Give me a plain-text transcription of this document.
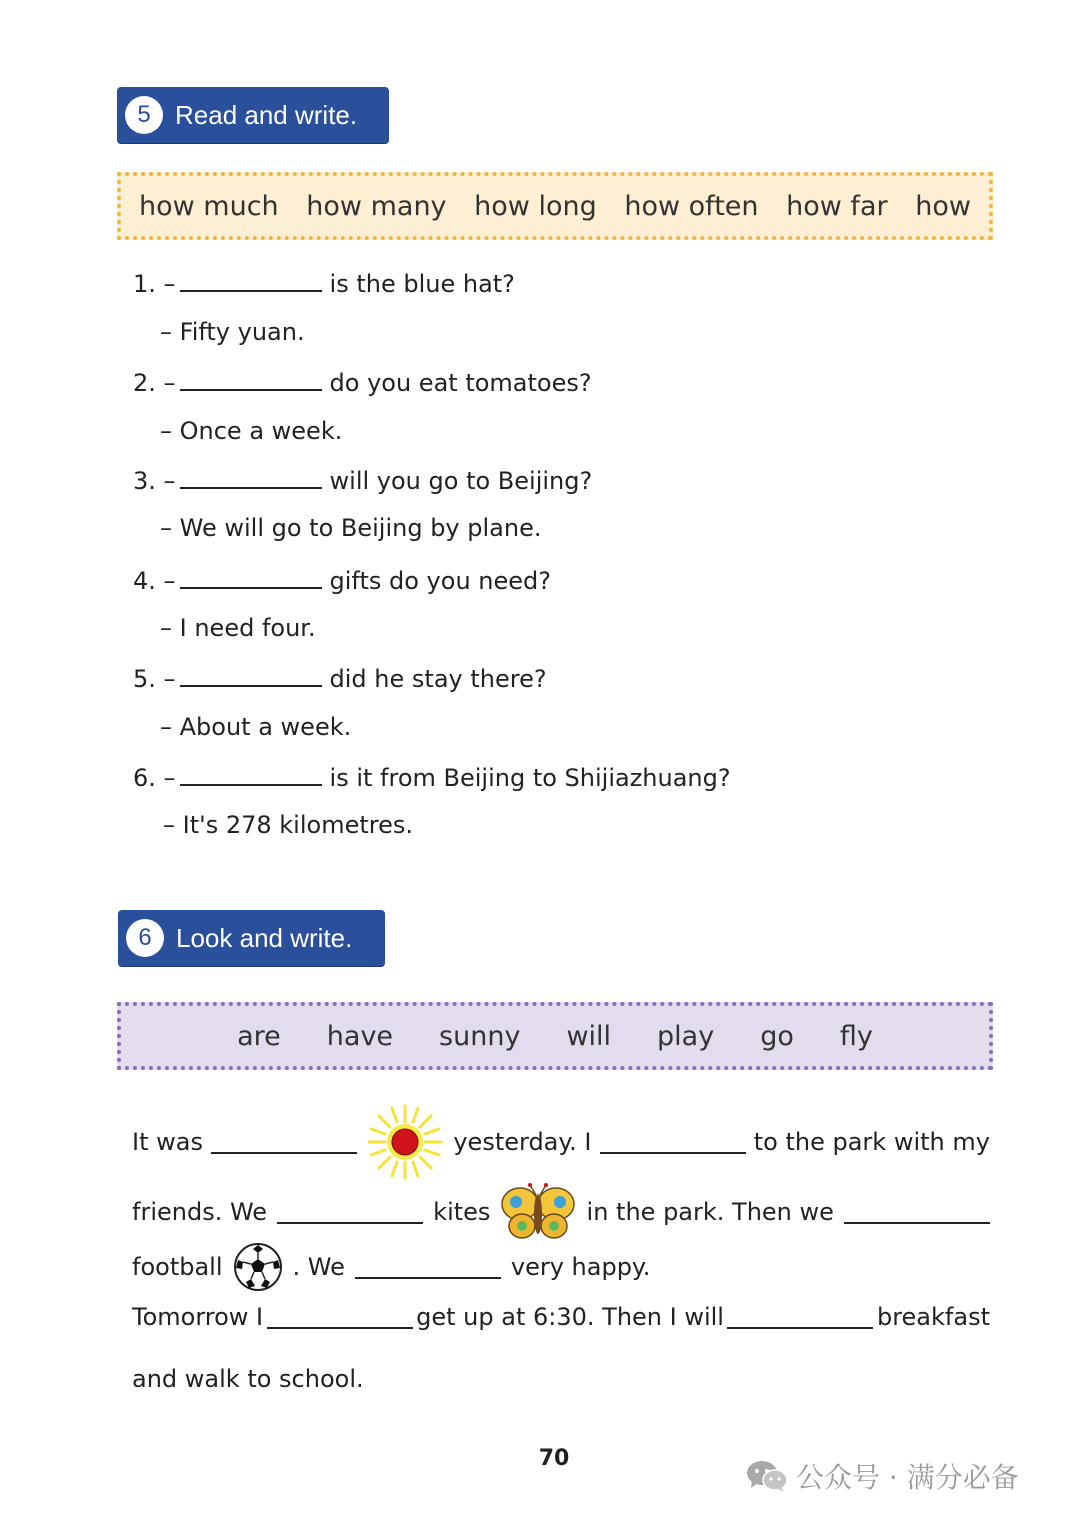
5 Read and write.
how much how many how long how often how far how
1. –	is the blue hat?
– Fifty yuan.
2. –	do you eat tomatoes?
– Once a week.
3. –	will you go to Beijing?
– We will go to Beijing by plane.
4. –	gifts do you need?
– I need four.
5. –	did he stay there?
– About a week.
6. –	is it from Beijing to Shijiazhuang?
– It's 278 kilometres.
6 Look and write.
are have sunny will play go fly
It was	yesterday. I	to the park with my
friends. We	kites	in the park. Then we
football	. We	very happy.
Tomorrow I	get up at 6:30. Then I will	breakfast
and walk to school.
70
公众号 · 满分必备
